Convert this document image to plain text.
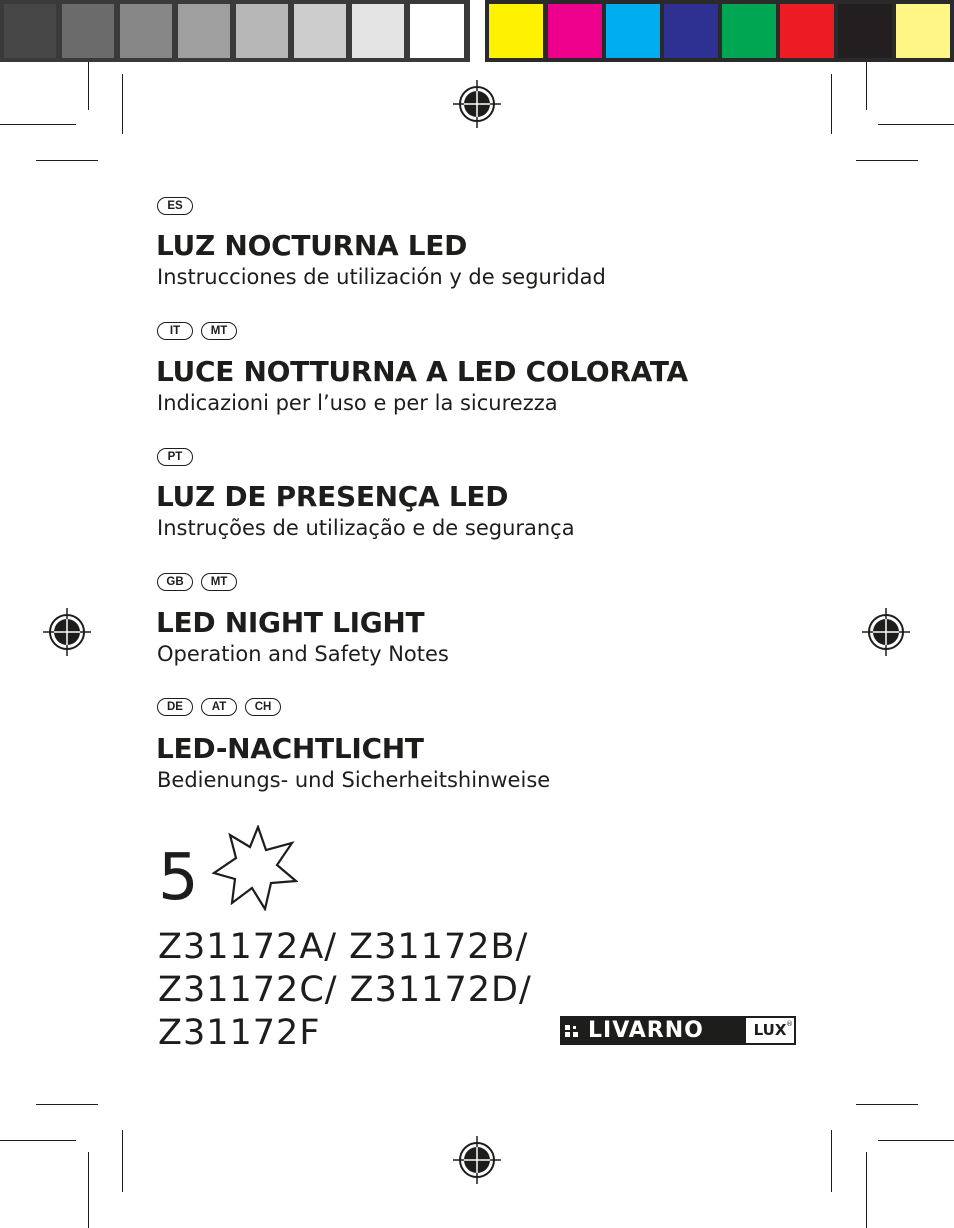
ES
LUZ NOCTURNA LED

Instrucciones de utilización y de seguridad

IT	MT
LUCE NOTTURNA A LED COLORATA

Indicazioni per l’uso e per la sicurezza

PT
LUZ DE PRESENÇA LED

Instruções de utilização e de segurança

GB	MT
LED NIGHT LIGHT

Operation and Safety Notes

DE	AT	CH
LED-NACHTLICHT

Bedienungs- und Sicherheitshinweise

5
Z31172A/ Z31172B/
Z31172C/ Z31172D/
Z31172F	LIVARNO	LUX ®
